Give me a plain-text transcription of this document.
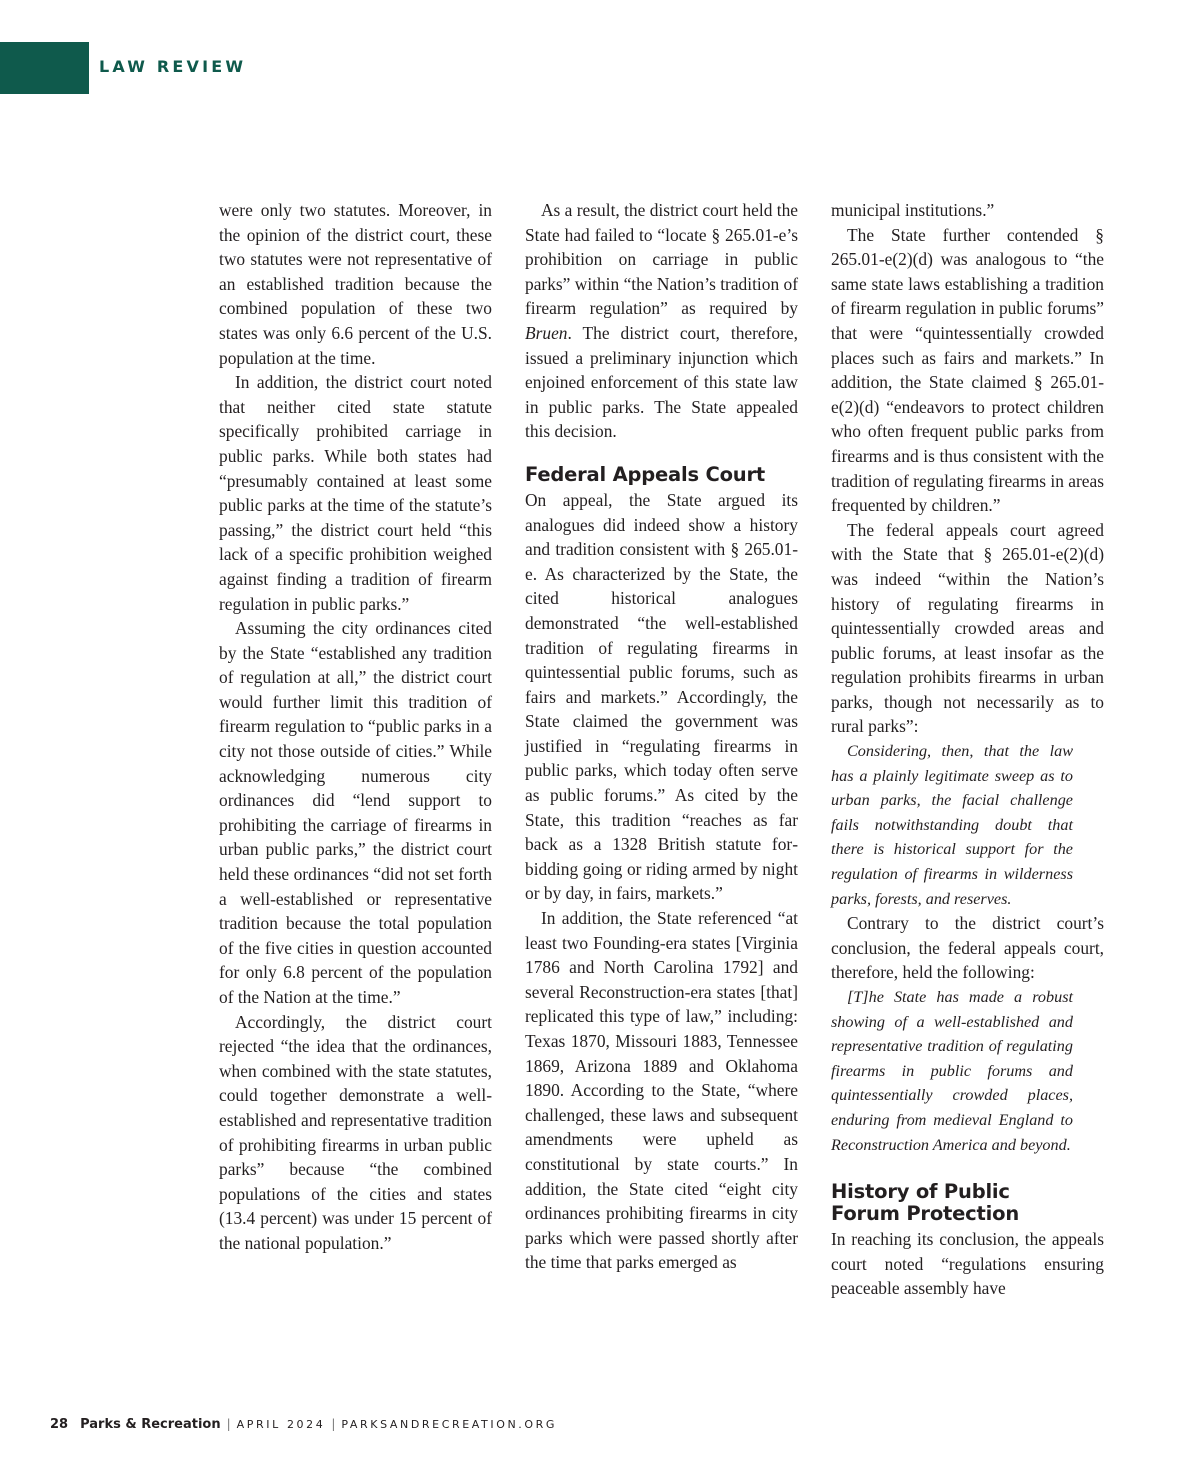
LAW REVIEW

were only two statutes. Moreover, in the opinion of the district court, these two statutes were not representative of an established tradition because the combined population of these two states was only 6.6 percent of the U.S. population at the time.

In addition, the district court noted that neither cited state statute specifically prohibited carriage in public parks. While both states had “presumably contained at least some public parks at the time of the statute’s passing,” the district court held “this lack of a specific prohibition weighed against finding a tradition of firearm regulation in public parks.”

Assuming the city ordinances cited by the State “established any tradition of regulation at all,” the district court would further limit this tradition of firearm regulation to “public parks in a city not those outside of cities.” While acknowledging numerous city ordinances did “lend support to prohibiting the carriage of firearms in urban public parks,” the district court held these ordinances “did not set forth a well-established or representative tradition because the total population of the five cities in question accounted for only 6.8 percent of the population of the Nation at the time.”

Accordingly, the district court rejected “the idea that the ordinances, when combined with the state statutes, could together demonstrate a well-established and representative tradition of prohibiting firearms in urban public parks” because “the combined populations of the cities and states (13.4 percent) was under 15 percent of the national population.”

As a result, the district court held the State had failed to “locate § 265.01-e’s prohibition on carriage in public parks” within “the Nation’s tradition of firearm regulation” as required by Bruen. The district court, therefore, issued a preliminary injunction which enjoined enforcement of this state law in public parks. The State appealed this decision.

Federal Appeals Court

On appeal, the State argued its analogues did indeed show a history and tradition consistent with § 265.01-e. As characterized by the State, the cited historical analogues demonstrated “the well-established tradition of regulating firearms in quintessential public forums, such as fairs and markets.” Accordingly, the State claimed the government was justified in “regulating firearms in public parks, which today often serve as public forums.” As cited by the State, this tradition “reaches as far back as a 1328 British statute forbidding going or riding armed by night or by day, in fairs, markets.”

In addition, the State referenced “at least two Founding-era states [Virginia 1786 and North Carolina 1792] and several Reconstruction-era states [that] replicated this type of law,” including: Texas 1870, Missouri 1883, Tennessee 1869, Arizona 1889 and Oklahoma 1890. According to the State, “where challenged, these laws and subsequent amendments were upheld as constitutional by state courts.” In addition, the State cited “eight city ordinances prohibiting firearms in city parks which were passed shortly after the time that parks emerged as

municipal institutions.”

The State further contended § 265.01-e(2)(d) was analogous to “the same state laws establishing a tradition of firearm regulation in public forums” that were “quintessentially crowded places such as fairs and markets.” In addition, the State claimed § 265.01-e(2)(d) “endeavors to protect children who often frequent public parks from firearms and is thus consistent with the tradition of regulating firearms in areas frequented by children.”

The federal appeals court agreed with the State that § 265.01-e(2)(d) was indeed “within the Nation’s history of regulating firearms in quintessentially crowded areas and public forums, at least insofar as the regulation prohibits firearms in urban parks, though not necessarily as to rural parks”:

Considering, then, that the law has a plainly legitimate sweep as to urban parks, the facial challenge fails notwithstanding doubt that there is historical support for the regulation of firearms in wilderness parks, forests, and reserves.

Contrary to the district court’s conclusion, the federal appeals court, therefore, held the following:

[T]he State has made a robust showing of a well-established and representative tradition of regulating firearms in public forums and quintessentially crowded places, enduring from medieval England to Reconstruction America and beyond.

History of Public
Forum Protection

In reaching its conclusion, the appeals court noted “regulations ensuring peaceable assembly have

28 Parks & Recreation | APRIL 2024 | PARKSANDRECREATION.ORG
